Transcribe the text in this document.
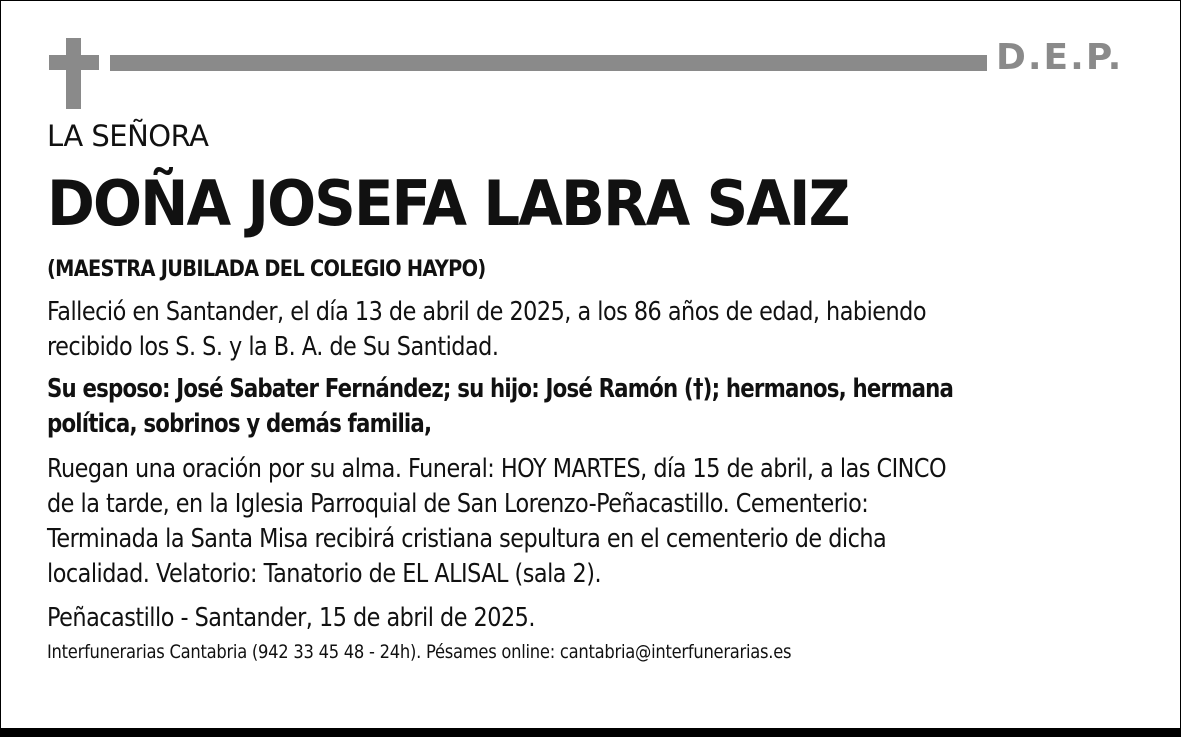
D.E.P.
LA SEÑORA
DOÑA JOSEFA LABRA SAIZ
(MAESTRA JUBILADA DEL COLEGIO HAYPO)
Falleció en Santander, el día 13 de abril de 2025, a los 86 años de edad, habiendo
recibido los S. S. y la B. A. de Su Santidad.
Su esposo: José Sabater Fernández; su hijo: José Ramón (†); hermanos, hermana
política, sobrinos y demás familia,
Ruegan una oración por su alma. Funeral: HOY MARTES, día 15 de abril, a las CINCO
de la tarde, en la Iglesia Parroquial de San Lorenzo-Peñacastillo. Cementerio:
Terminada la Santa Misa recibirá cristiana sepultura en el cementerio de dicha
localidad. Velatorio: Tanatorio de EL ALISAL (sala 2).
Peñacastillo - Santander, 15 de abril de 2025.
Interfunerarias Cantabria (942 33 45 48 - 24h). Pésames online: cantabria@interfunerarias.es
